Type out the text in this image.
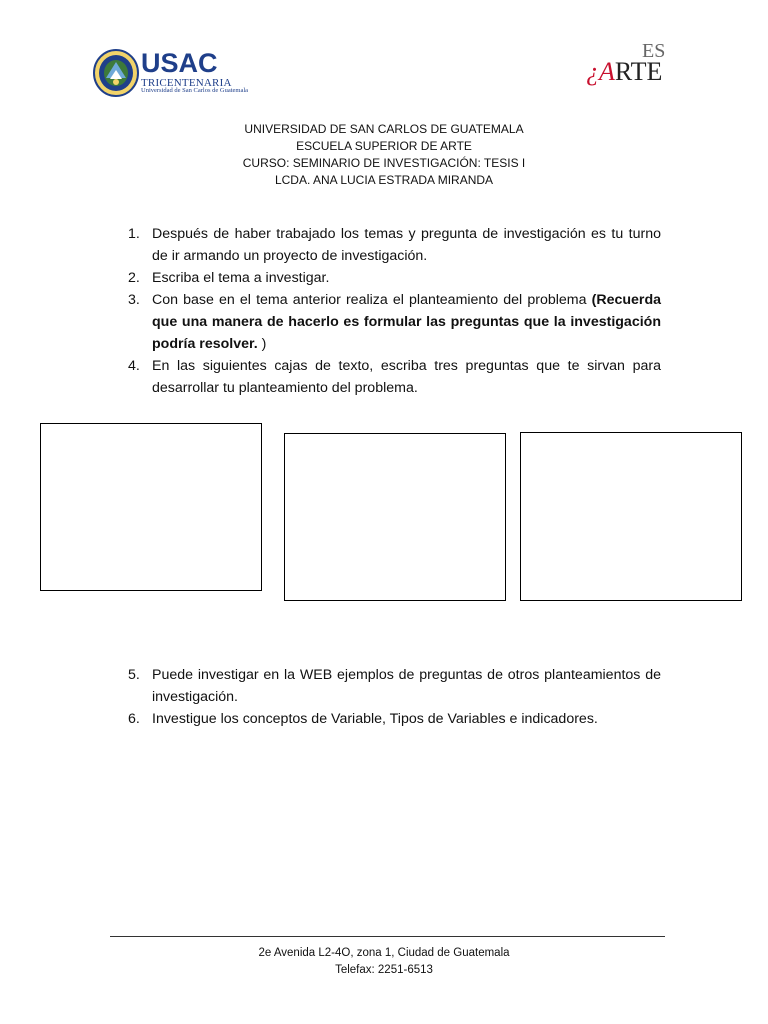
USAC
TRICENTENARIA
Universidad de San Carlos de Guatemala
ES
¿ARTE
UNIVERSIDAD DE SAN CARLOS DE GUATEMALA
ESCUELA SUPERIOR DE ARTE
CURSO: SEMINARIO DE INVESTIGACIÓN: TESIS I
LCDA. ANA LUCIA ESTRADA MIRANDA
1. Después de haber trabajado los temas y pregunta de investigación es tu turno de ir armando un proyecto de investigación.
2. Escriba el tema a investigar.
3. Con base en el tema anterior realiza el planteamiento del problema (Recuerda que una manera de hacerlo es formular las preguntas que la investigación podría resolver. )
4. En las siguientes cajas de texto, escriba tres preguntas que te sirvan para desarrollar tu planteamiento del problema.
5. Puede investigar en la WEB ejemplos de preguntas de otros planteamientos de investigación.
6. Investigue los conceptos de Variable, Tipos de Variables e indicadores.
2e Avenida L2-4O, zona 1, Ciudad de Guatemala
Telefax: 2251-6513
